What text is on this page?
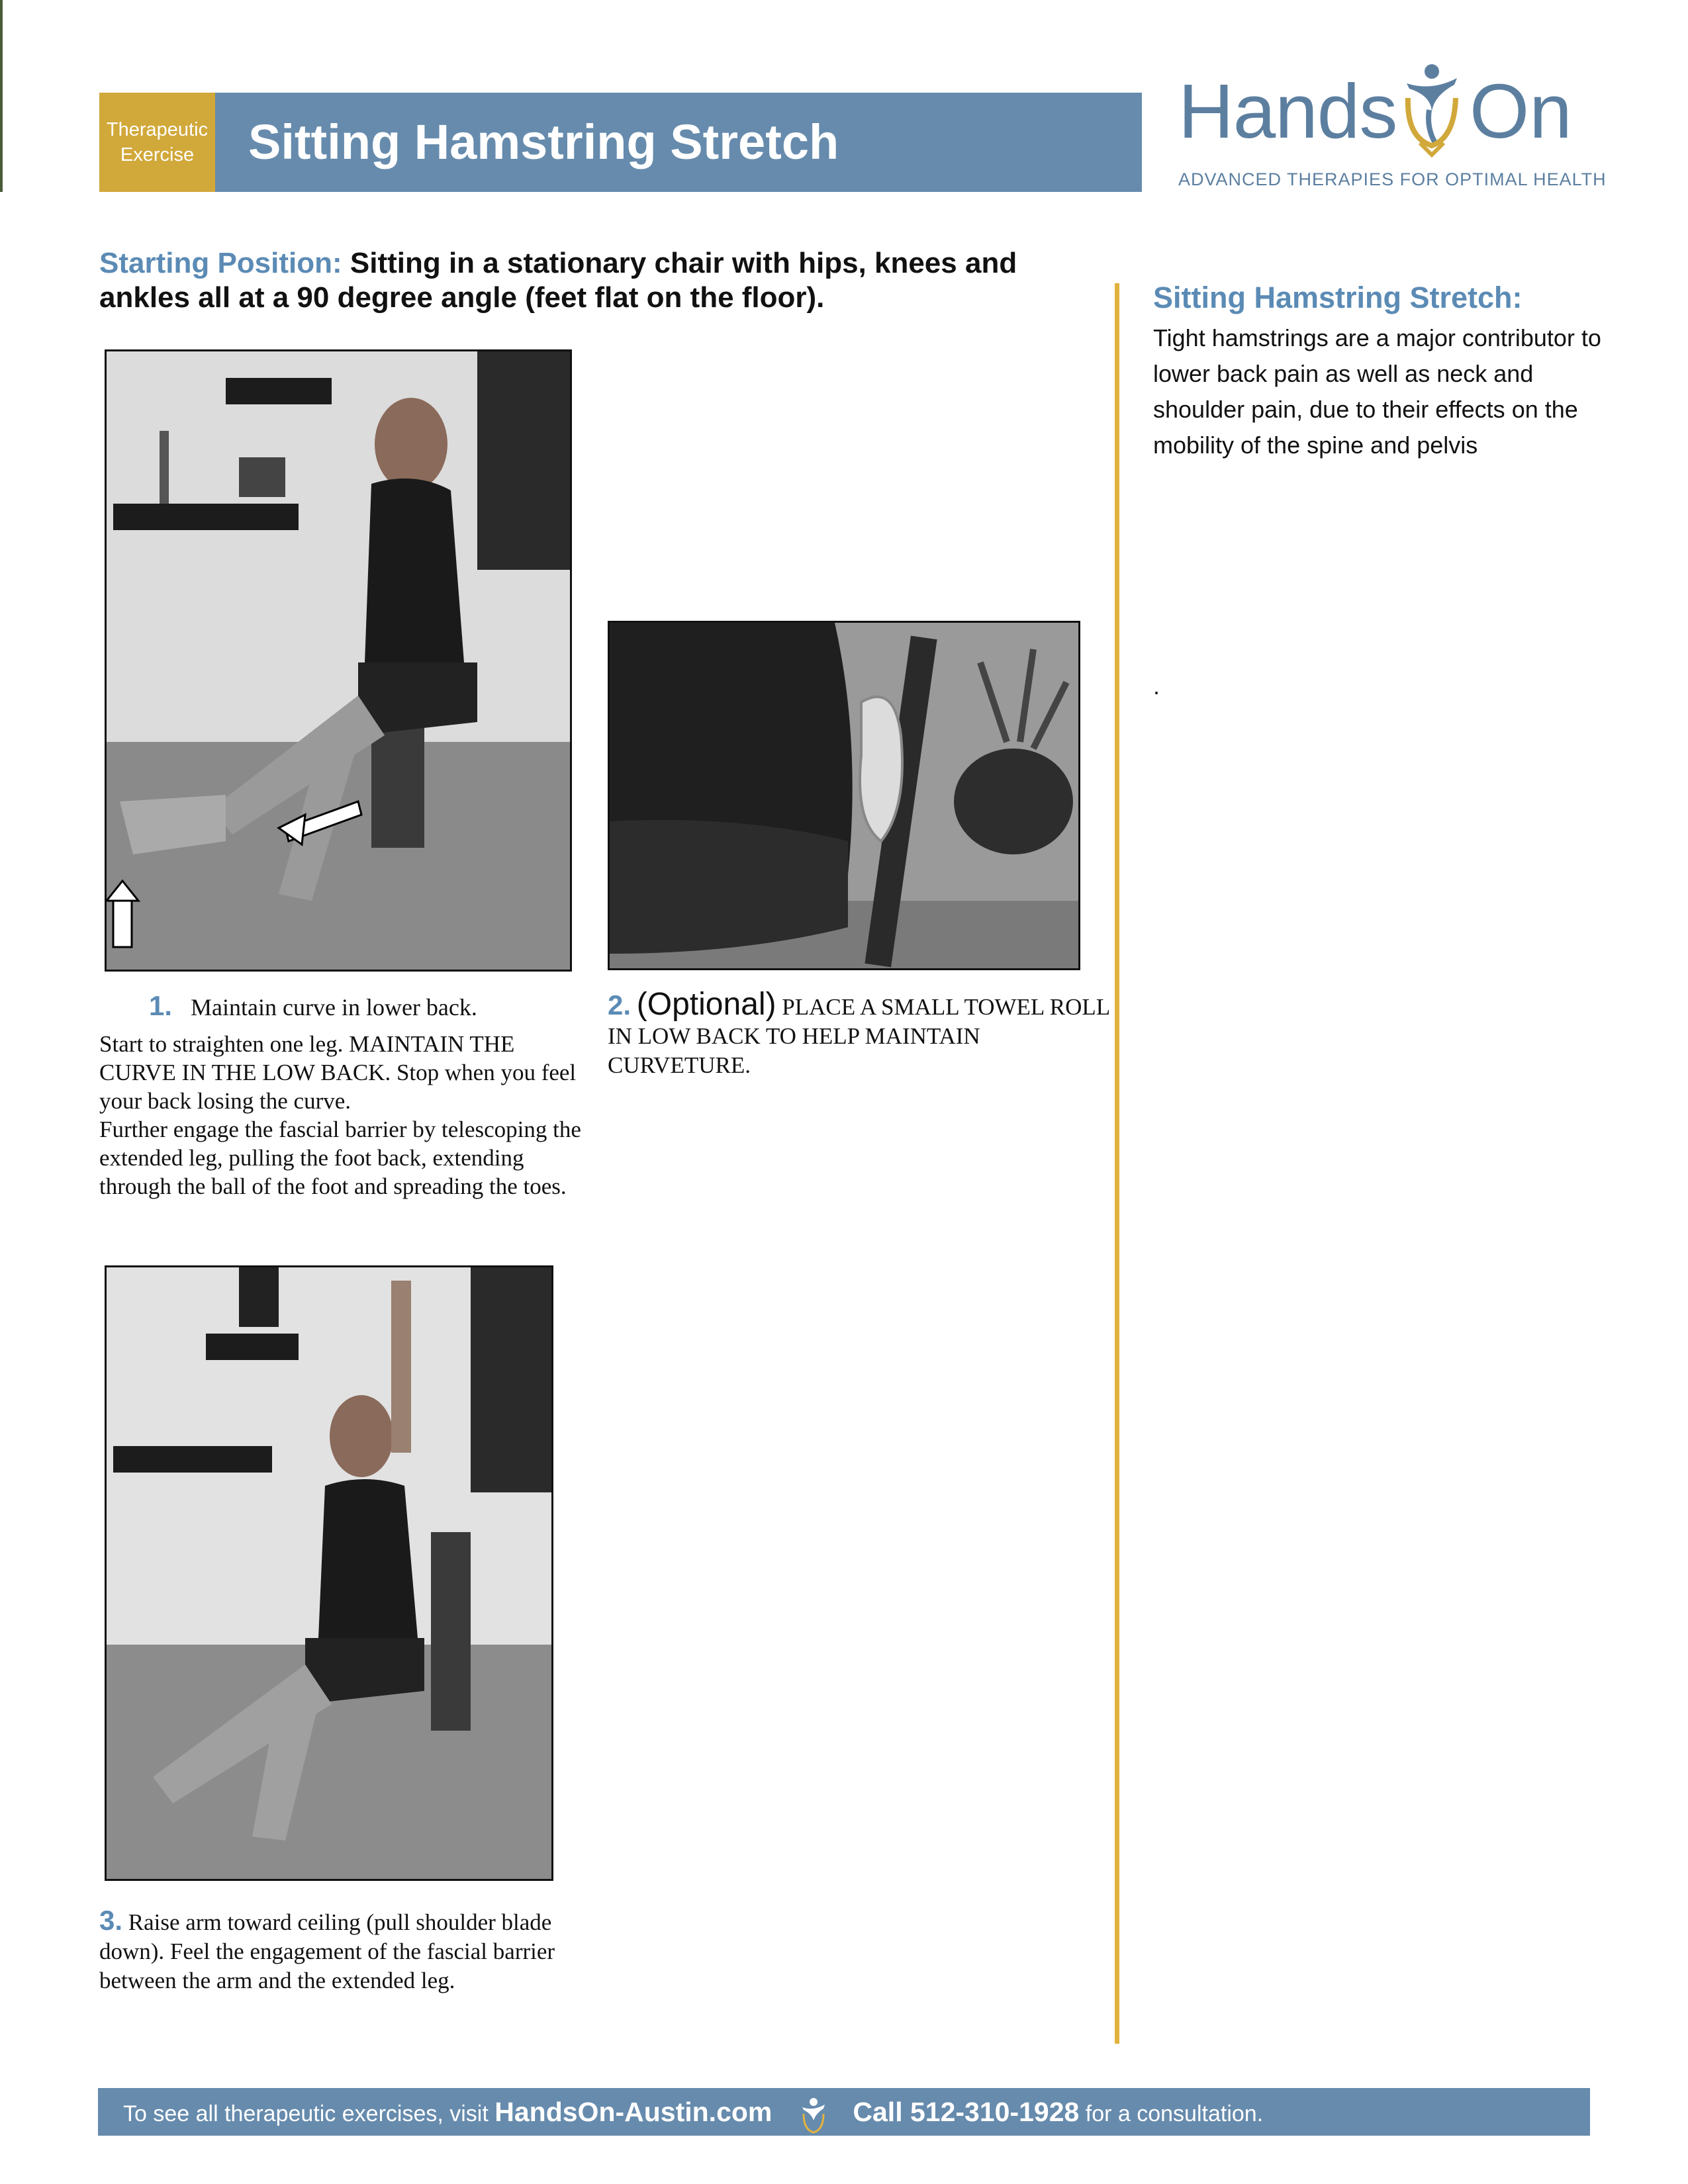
Therapeutic
Exercise Sitting Hamstring Stretch	Hands On
ADVANCED THERAPIES FOR OPTIMAL HEALTH
Starting Position: Sitting in a stationary chair with hips, knees and ankles all at a 90 degree angle (feet flat on the floor).
1. Maintain curve in lower back.
Start to straighten one leg. MAINTAIN THE CURVE IN THE LOW BACK. Stop when you feel your back losing the curve.
Further engage the fascial barrier by telescoping the extended leg, pulling the foot back, extending through the ball of the foot and spreading the toes.
2. (Optional) PLACE A SMALL TOWEL ROLL IN LOW BACK TO HELP MAINTAIN CURVETURE.
3. Raise arm toward ceiling (pull shoulder blade down). Feel the engagement of the fascial barrier between the arm and the extended leg.
Sitting Hamstring Stretch:
Tight hamstrings are a major contributor to lower back pain as well as neck and shoulder pain, due to their effects on the mobility of the spine and pelvis
.
To see all therapeutic exercises, visit HandsOn-Austin.com	Call 512-310-1928 for a consultation.
